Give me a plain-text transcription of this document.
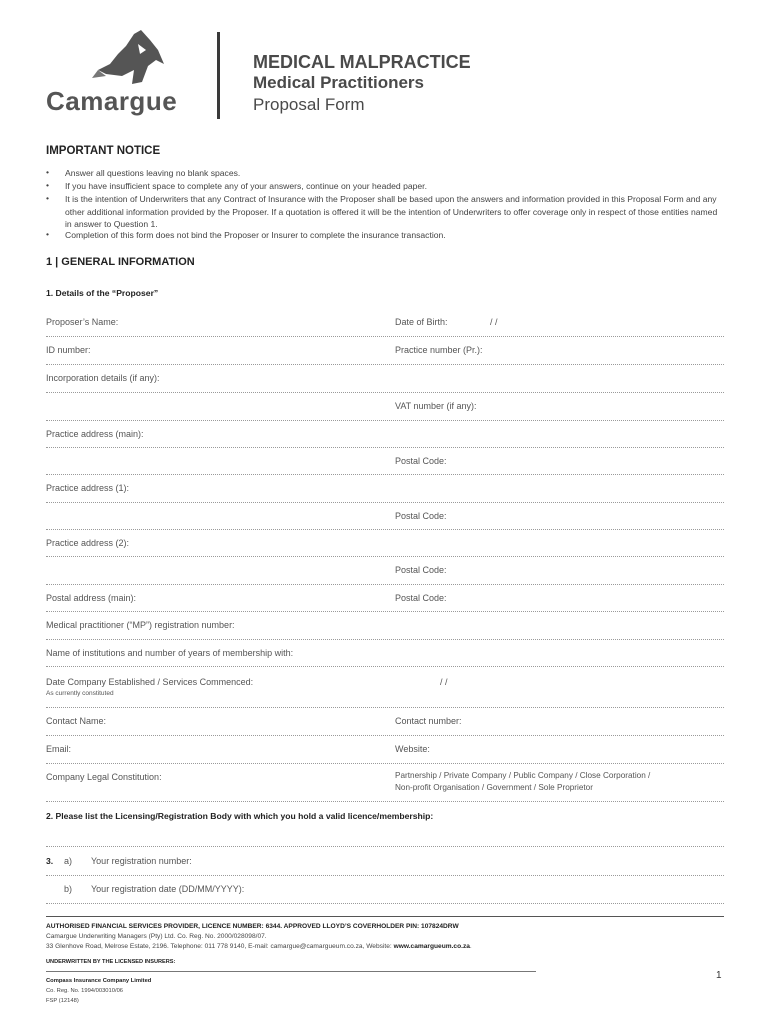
Camargue
MEDICAL MALPRACTICE
Medical Practitioners
Proposal Form
IMPORTANT NOTICE
• Answer all questions leaving no blank spaces.
• If you have insufficient space to complete any of your answers, continue on your headed paper.
• It is the intention of Underwriters that any Contract of Insurance with the Proposer shall be based upon the answers and information provided in this Proposal Form and any other additional information provided by the Proposer. If a quotation is offered it will be the intention of Underwriters to offer coverage only in respect of those entities named in answer to Question 1.
• Completion of this form does not bind the Proposer or Insurer to complete the insurance transaction.
1 | GENERAL INFORMATION
1. Details of the “Proposer”
Proposer’s Name:	Date of Birth:	/ /
ID number:	Practice number (Pr.):
Incorporation details (if any):
VAT number (if any):
Practice address (main):
Postal Code:
Practice address (1):
Postal Code:
Practice address (2):
Postal Code:
Postal address (main):	Postal Code:
Medical practitioner (“MP”) registration number:
Name of institutions and number of years of membership with:
Date Company Established / Services Commenced:	/ /
As currently constituted
Contact Name:	Contact number:
Email:	Website:
Company Legal Constitution:	Partnership / Private Company / Public Company / Close Corporation /
Non-profit Organisation / Government / Sole Proprietor
2. Please list the Licensing/Registration Body with which you hold a valid licence/membership:
3. a) Your registration number:
b) Your registration date (DD/MM/YYYY):
AUTHORISED FINANCIAL SERVICES PROVIDER, LICENCE NUMBER: 6344. APPROVED LLOYD’S COVERHOLDER PIN: 107824DRW
Camargue Underwriting Managers (Pty) Ltd. Co. Reg. No. 2000/028098/07.
33 Glenhove Road, Melrose Estate, 2196. Telephone: 011 778 9140, E-mail: camargue@camargueum.co.za, Website: www.camargueum.co.za.
UNDERWRITTEN BY THE LICENSED INSURERS:
Compass Insurance Company Limited
Co. Reg. No. 1994/003010/06
FSP (12148)
1
